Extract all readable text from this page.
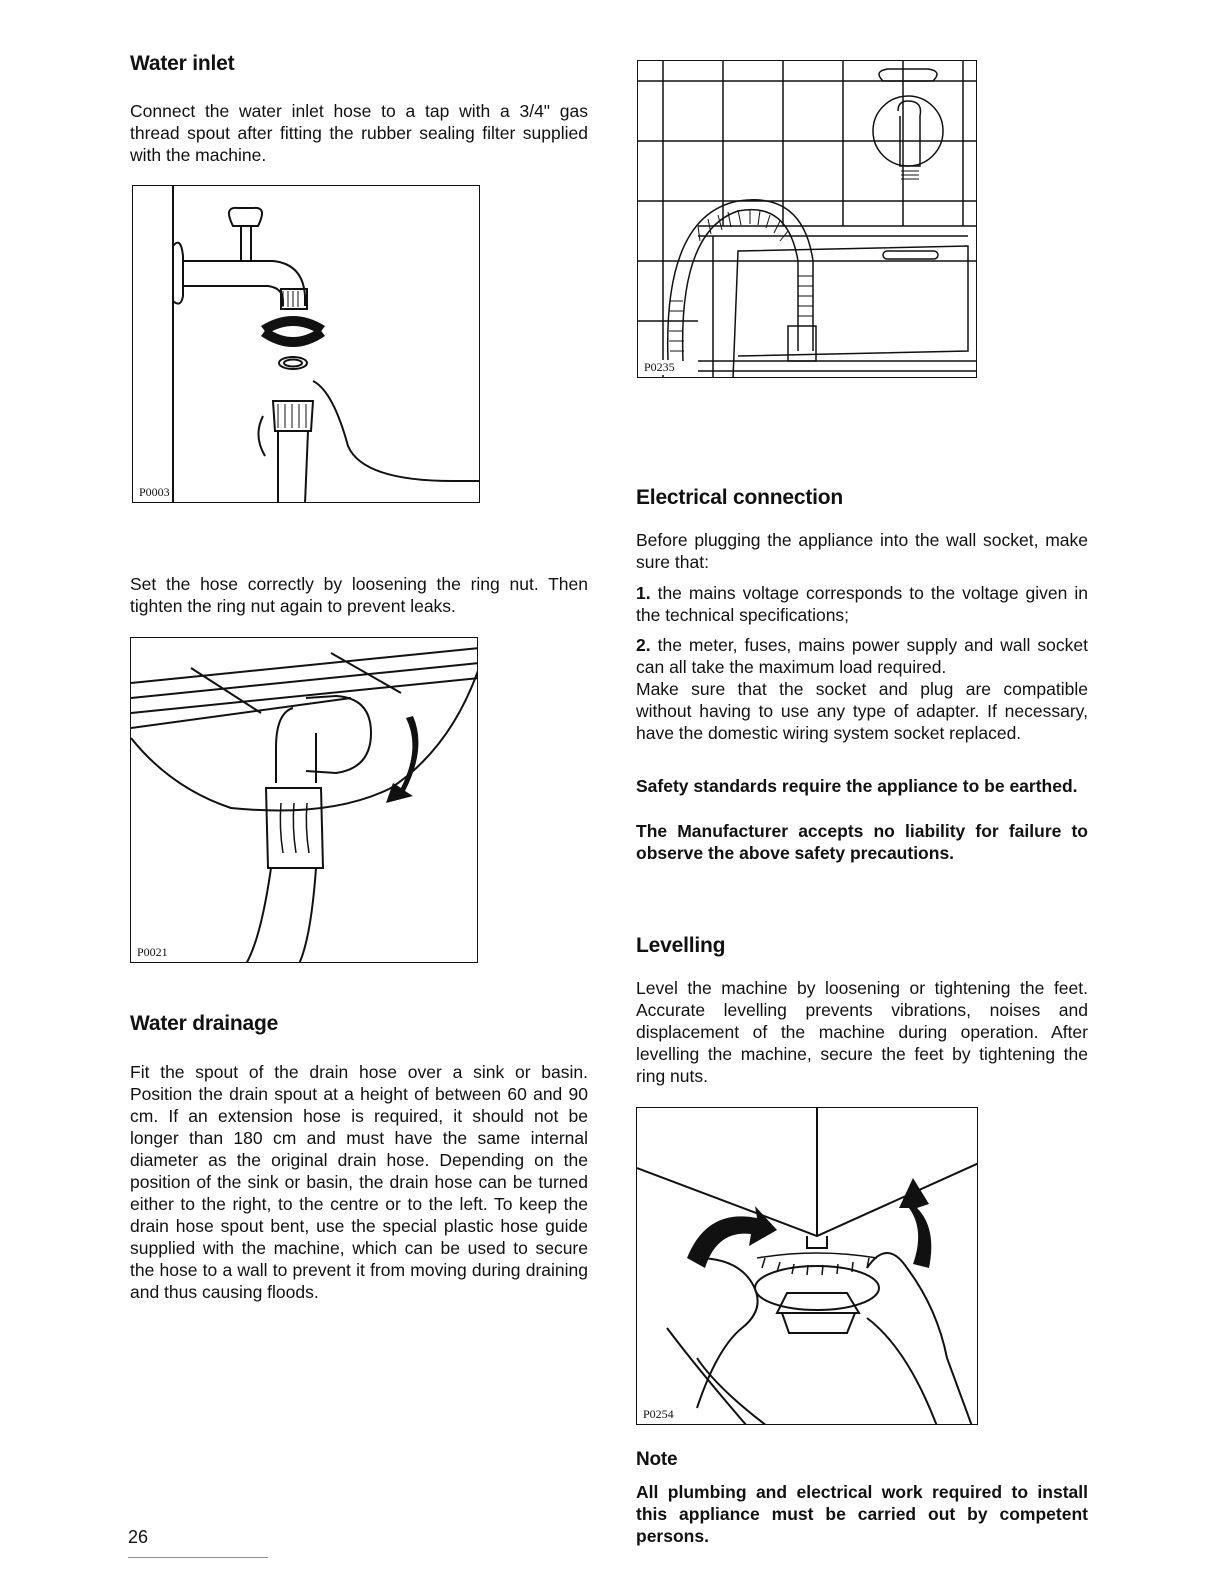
Water inlet

Connect the water inlet hose to a tap with a 3/4" gas thread spout after fitting the rubber sealing filter supplied with the machine.

P0003

Set the hose correctly by loosening the ring nut. Then tighten the ring nut again to prevent leaks.

P0021
Water drainage

Fit the spout of the drain hose over a sink or basin. Position the drain spout at a height of between 60 and 90 cm. If an extension hose is required, it should not be longer than 180 cm and must have the same internal diameter as the original drain hose. Depending on the position of the sink or basin, the drain hose can be turned either to the right, to the centre or to the left. To keep the drain hose spout bent, use the special plastic hose guide supplied with the machine, which can be used to secure the hose to a wall to prevent it from moving during draining and thus causing floods.

P0235
Electrical connection

Before plugging the appliance into the wall socket, make sure that:

1. the mains voltage corresponds to the voltage given in the technical specifications;

2. the meter, fuses, mains power supply and wall socket can all take the maximum load required.

Make sure that the socket and plug are compatible without having to use any type of adapter. If necessary, have the domestic wiring system socket replaced.

Safety standards require the appliance to be earthed.

The Manufacturer accepts no liability for failure to observe the above safety precautions.

Levelling

Level the machine by loosening or tightening the feet. Accurate levelling prevents vibrations, noises and displacement of the machine during operation. After levelling the machine, secure the feet by tightening the ring nuts.

P0254
Note

All plumbing and electrical work required to install this appliance must be carried out by competent persons.

26
